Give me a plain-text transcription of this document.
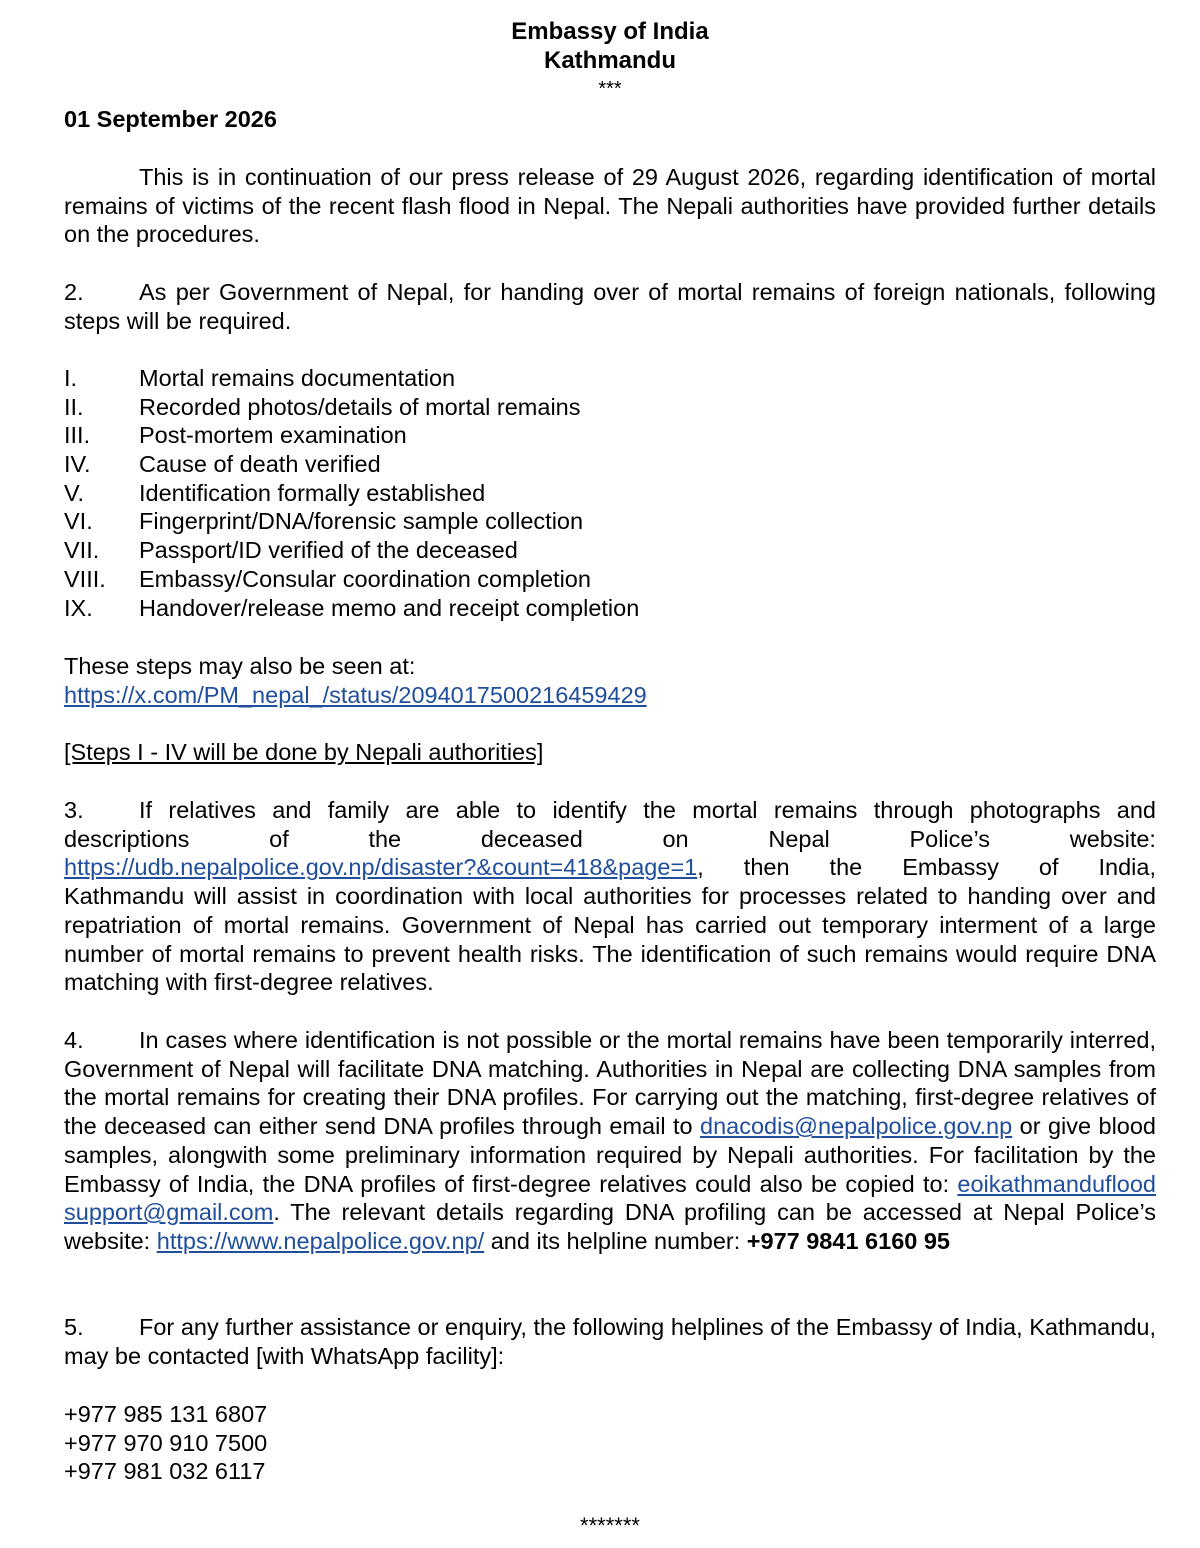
Embassy of India
Kathmandu
***
01 September 2026
This is in continuation of our press release of 29 August 2026, regarding identification of mortal remains of victims of the recent flash flood in Nepal. The Nepali authorities have provided further details on the procedures.
2. As per Government of Nepal, for handing over of mortal remains of foreign nationals, following steps will be required.
I.	Mortal remains documentation
II.	Recorded photos/details of mortal remains
III.	Post-mortem examination
IV.	Cause of death verified
V.	Identification formally established
VI.	Fingerprint/DNA/forensic sample collection
VII.	Passport/ID verified of the deceased
VIII.	Embassy/Consular coordination completion
IX.	Handover/release memo and receipt completion
These steps may also be seen at:
https://x.com/PM_nepal_/status/2094017500216459429
[Steps I - IV will be done by Nepali authorities]
3. If relatives and family are able to identify the mortal remains through photographs and
descriptions	of	the	deceased	on	Nepal	Police’s	website:
https://udb.nepalpolice.gov.np/disaster?&count=418&page=1, then the Embassy of India,
Kathmandu will assist in coordination with local authorities for processes related to handing over and repatriation of mortal remains. Government of Nepal has carried out temporary interment of a large number of mortal remains to prevent health risks. The identification of such remains would require DNA matching with first-degree relatives.
4. In cases where identification is not possible or the mortal remains have been temporarily interred, Government of Nepal will facilitate DNA matching. Authorities in Nepal are collecting DNA samples from the mortal remains for creating their DNA profiles. For carrying out the matching, first-degree relatives of the deceased can either send DNA profiles through email to dnacodis@nepalpolice.gov.np or give blood samples, alongwith some preliminary information required by Nepali authorities. For facilitation by the Embassy of India, the DNA profiles of first-degree relatives could also be copied to: eoikathmanduflood support@gmail.com. The relevant details regarding DNA profiling can be accessed at Nepal Police’s website: https://www.nepalpolice.gov.np/ and its helpline number: +977 9841 6160 95
5. For any further assistance or enquiry, the following helplines of the Embassy of India, Kathmandu, may be contacted [with WhatsApp facility]:
+977 985 131 6807
+977 970 910 7500
+977 981 032 6117
*******
